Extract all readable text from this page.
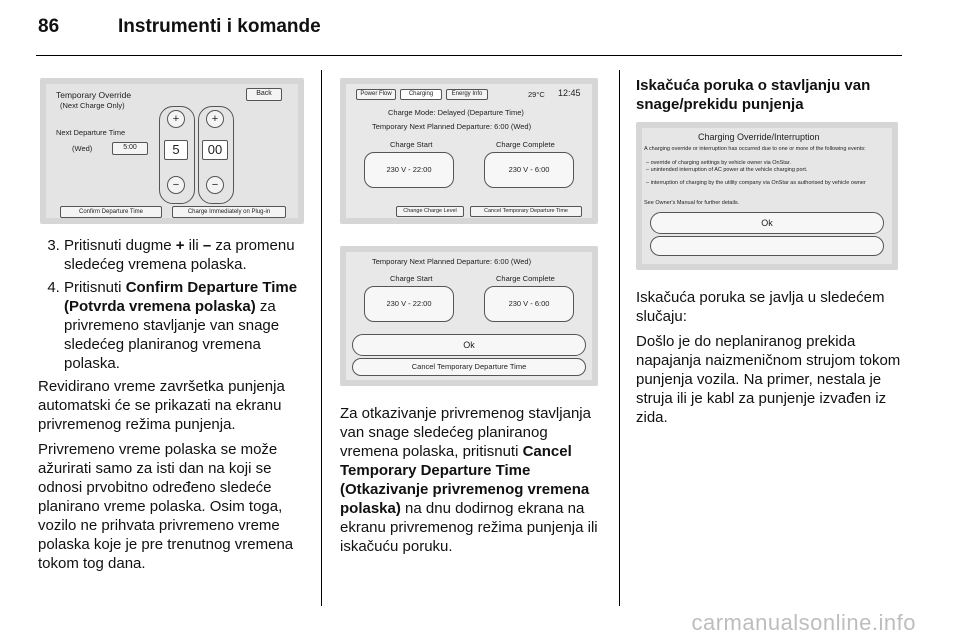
86	Instrumenti i komande
Temporary Override
(Next Charge Only)
Back
Next Departure Time
(Wed)	5:00
+
5
−
+
00
−
Confirm Departure Time	Charge Immediately on Plug-in
3. Pritisnuti dugme + ili – za promenu sledećeg vremena polaska.
4. Pritisnuti Confirm Departure Time (Potvrda vremena polaska) za privremeno stavljanje van snage sledećeg planiranog vremena polaska.

Revidirano vreme završetka punjenja automatski će se prikazati na ekranu privremenog režima punjenja.

Privremeno vreme polaska se može ažurirati samo za isti dan na koji se odnosi prvobitno određeno sledeće planirano vreme polaska. Osim toga, vozilo ne prihvata privremeno vreme polaska koje je pre trenutnog vremena tokom tog dana.

Power Flow	Charging	Energy Info	29°C 12:45
Charge Mode: Delayed (Departure Time)
Temporary Next Planned Departure: 6:00 (Wed)
Charge Start	Charge Complete
230 V - 22:00	230 V - 6:00
Change Charge Level	Cancel Temporary Departure Time
Temporary Next Planned Departure: 6:00 (Wed)
Charge Start	Charge Complete
230 V - 22:00	230 V - 6:00
Ok
Cancel Temporary Departure Time

Za otkazivanje privremenog stavljanja van snage sledećeg planiranog vremena polaska, pritisnuti Cancel Temporary Departure Time (Otkazivanje privremenog vremena polaska) na dnu dodirnog ekrana na ekranu privremenog režima punjenja ili iskačuću poruku.

Iskačuća poruka o stavljanju van snage/prekidu punjenja

Charging Override/Interruption
A charging override or interruption has occurred due to one or more of the following events:
– override of charging settings by vehicle owner via OnStar.
– unintended interruption of AC power at the vehicle charging port.
– interruption of charging by the utility company via OnStar as authorised by vehicle owner
See Owner's Manual for further details.
Ok

Iskačuća poruka se javlja u sledećem slučaju:

Došlo je do neplaniranog prekida napajanja naizmeničnom strujom tokom punjenja vozila. Na primer, nestala je struja ili je kabl za punjenje izvađen iz zida.

carmanualsonline.info
